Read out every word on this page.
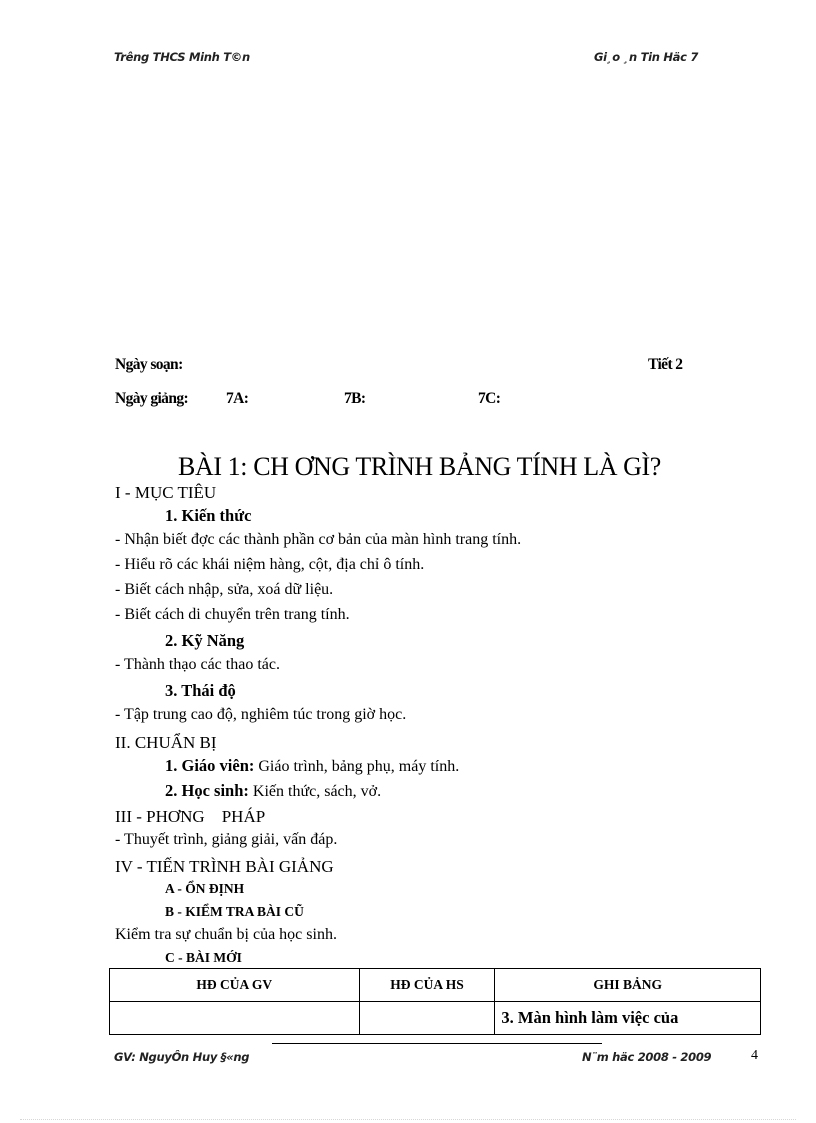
Trêng THCS Minh T©n	Gi¸o ¸n Tin Häc 7
Ngày soạn:	Tiết 2
Ngày giảng: 7A:	7B:	7C:
BÀI 1: CH ƠNG TRÌNH BẢNG TÍNH LÀ GÌ?
I - MỤC TIÊU
1. Kiến thức
- Nhận biết đợc các thành phần cơ bản của màn hình trang tính.
- Hiểu rõ các khái niệm hàng, cột, địa chỉ ô tính.
- Biết cách nhập, sửa, xoá dữ liệu.
- Biết cách di chuyển trên trang tính.
2. Kỹ Năng
- Thành thạo các thao tác.
3. Thái độ
- Tập trung cao độ, nghiêm túc trong giờ học.
II. CHUẨN BỊ
1. Giáo viên: Giáo trình, bảng phụ, máy tính.
2. Học sinh: Kiến thức, sách, vở.
III - PHƠNG    PHÁP
- Thuyết trình, giảng giải, vấn đáp.
IV - TIẾN TRÌNH BÀI GIẢNG
A - ỔN ĐỊNH
B - KIỂM TRA BÀI CŨ
Kiểm tra sự chuẩn bị của học sinh.
C - BÀI MỚI
HĐ CỦA GV	HĐ CỦA HS	GHI BẢNG
		3. Màn hình làm việc của
GV: NguyÔn Huy §«ng	N¨m häc 2008 - 2009	4
